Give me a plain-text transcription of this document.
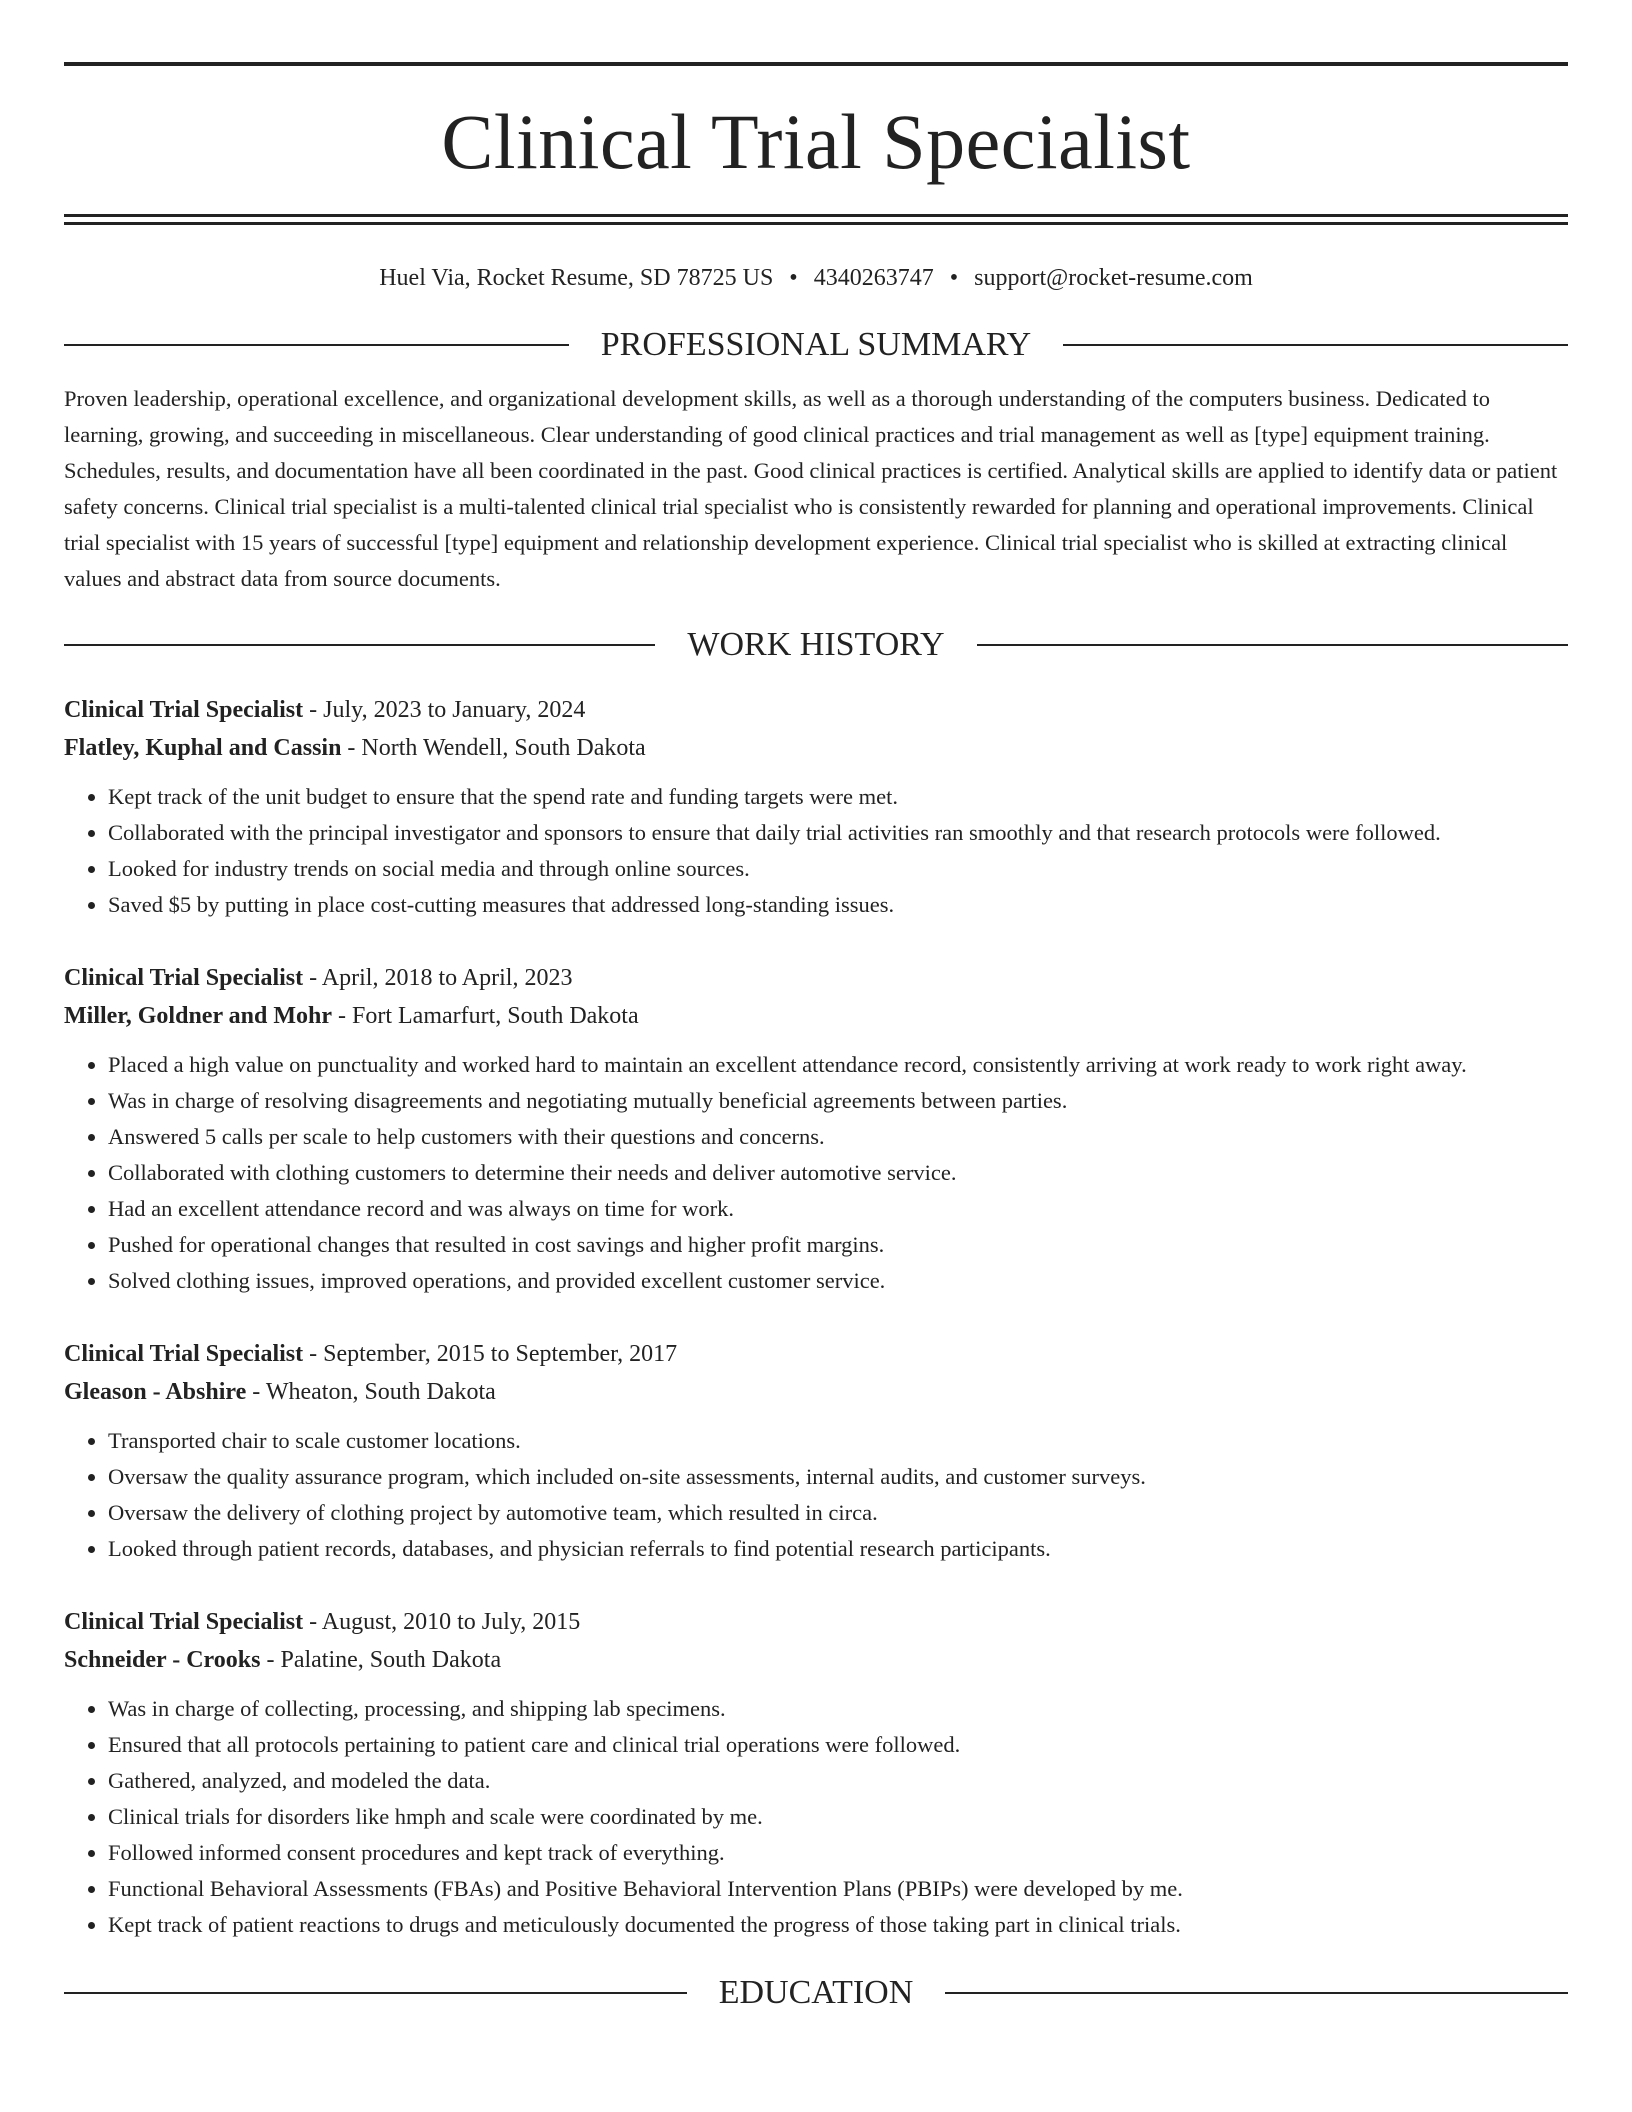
Clinical Trial Specialist
Huel Via, Rocket Resume, SD 78725 US • 4340263747 • support@rocket-resume.com
PROFESSIONAL SUMMARY

Proven leadership, operational excellence, and organizational development skills, as well as a thorough understanding of the computers business. Dedicated to learning, growing, and succeeding in miscellaneous. Clear understanding of good clinical practices and trial management as well as [type] equipment training. Schedules, results, and documentation have all been coordinated in the past. Good clinical practices is certified. Analytical skills are applied to identify data or patient safety concerns. Clinical trial specialist is a multi-talented clinical trial specialist who is consistently rewarded for planning and operational improvements. Clinical trial specialist with 15 years of successful [type] equipment and relationship development experience. Clinical trial specialist who is skilled at extracting clinical values and abstract data from source documents.

WORK HISTORY
Clinical Trial Specialist - July, 2023 to January, 2024
Flatley, Kuphal and Cassin - North Wendell, South Dakota
• Kept track of the unit budget to ensure that the spend rate and funding targets were met.
• Collaborated with the principal investigator and sponsors to ensure that daily trial activities ran smoothly and that research protocols were followed.
• Looked for industry trends on social media and through online sources.
• Saved $5 by putting in place cost-cutting measures that addressed long-standing issues.
Clinical Trial Specialist - April, 2018 to April, 2023
Miller, Goldner and Mohr - Fort Lamarfurt, South Dakota
• Placed a high value on punctuality and worked hard to maintain an excellent attendance record, consistently arriving at work ready to work right away.
• Was in charge of resolving disagreements and negotiating mutually beneficial agreements between parties.
• Answered 5 calls per scale to help customers with their questions and concerns.
• Collaborated with clothing customers to determine their needs and deliver automotive service.
• Had an excellent attendance record and was always on time for work.
• Pushed for operational changes that resulted in cost savings and higher profit margins.
• Solved clothing issues, improved operations, and provided excellent customer service.
Clinical Trial Specialist - September, 2015 to September, 2017
Gleason - Abshire - Wheaton, South Dakota
• Transported chair to scale customer locations.
• Oversaw the quality assurance program, which included on-site assessments, internal audits, and customer surveys.
• Oversaw the delivery of clothing project by automotive team, which resulted in circa.
• Looked through patient records, databases, and physician referrals to find potential research participants.
Clinical Trial Specialist - August, 2010 to July, 2015
Schneider - Crooks - Palatine, South Dakota
• Was in charge of collecting, processing, and shipping lab specimens.
• Ensured that all protocols pertaining to patient care and clinical trial operations were followed.
• Gathered, analyzed, and modeled the data.
• Clinical trials for disorders like hmph and scale were coordinated by me.
• Followed informed consent procedures and kept track of everything.
• Functional Behavioral Assessments (FBAs) and Positive Behavioral Intervention Plans (PBIPs) were developed by me.
• Kept track of patient reactions to drugs and meticulously documented the progress of those taking part in clinical trials.
EDUCATION
